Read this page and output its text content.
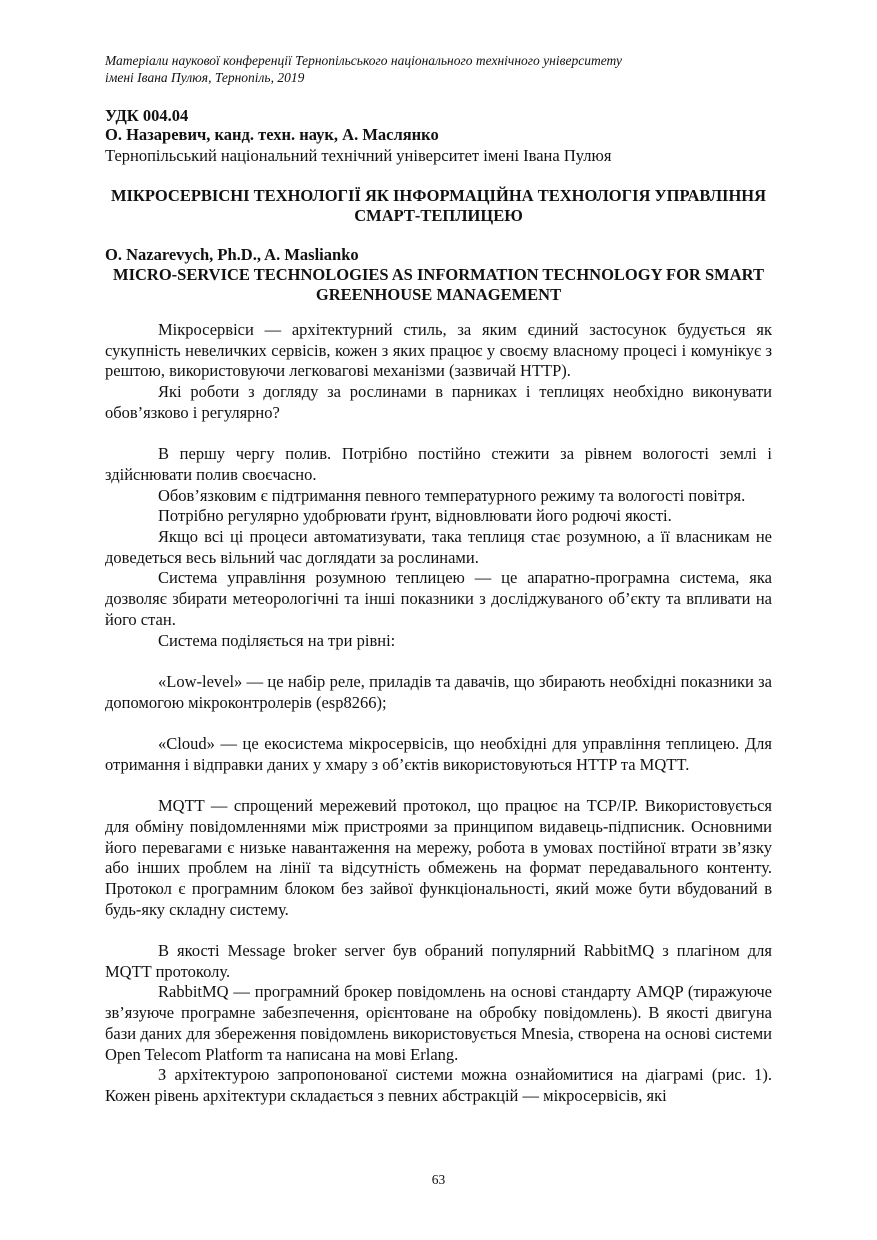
Матеріали наукової конференції Тернопільського національного технічного університету
імені Івана Пулюя, Тернопіль, 2019
УДК 004.04
О. Назаревич, канд. техн. наук, А. Маслянко
Тернопільський національний технічний університет імені Івана Пулюя
МІКРОСЕРВІСНІ ТЕХНОЛОГІЇ ЯК ІНФОРМАЦІЙНА ТЕХНОЛОГІЯ УПРАВЛІННЯ СМАРТ-ТЕПЛИЦЕЮ
O. Nazarevych, Ph.D., A. Maslianko
MICRO-SERVICE TECHNOLOGIES AS INFORMATION TECHNOLOGY FOR SMART GREENHOUSE MANAGEMENT

Мікросервіси — архітектурний стиль, за яким єдиний застосунок будується як сукупність невеличких сервісів, кожен з яких працює у своєму власному процесі і комунікує з рештою, використовуючи легковагові механізми (зазвичай HTTP).

Які роботи з догляду за рослинами в парниках і теплицях необхідно виконувати обов’язково і регулярно?

В першу чергу полив. Потрібно постійно стежити за рівнем вологості землі і здійснювати полив своєчасно.

Обов’язковим є підтримання певного температурного режиму та вологості повітря.

Потрібно регулярно удобрювати ґрунт, відновлювати його родючі якості.

Якщо всі ці процеси автоматизувати, така теплиця стає розумною, а її власникам не доведеться весь вільний час доглядати за рослинами.

Система управління розумною теплицею — це апаратно-програмна система, яка дозволяє збирати метеорологічні та інші показники з досліджуваного об’єкту та впливати на його стан.

Система поділяється на три рівні:

«Low-level» — це набір реле, приладів та давачів, що збирають необхідні показники за допомогою мікроконтролерів (esp8266);

«Cloud» — це екосистема мікросервісів, що необхідні для управління теплицею. Для отримання і відправки даних у хмару з об’єктів використовуються HTTP та MQTT.

MQTT — спрощений мережевий протокол, що працює на TCP/IP. Використовується для обміну повідомленнями між пристроями за принципом видавець-підписник. Основними його перевагами є низьке навантаження на мережу, робота в умовах постійної втрати зв’язку або інших проблем на лінії та відсутність обмежень на формат передавального контенту. Протокол є програмним блоком без зайвої функціональності, який може бути вбудований в будь-яку складну систему.

В якості Message broker server був обраний популярний RabbitMQ з плагіном для MQTT протоколу.

RabbitMQ — програмний брокер повідомлень на основі стандарту AMQP (тиражуюче зв’язуюче програмне забезпечення, орієнтоване на обробку повідомлень). В якості двигуна бази даних для збереження повідомлень використовується Mnesia, створена на основі системи Open Telecom Platform та написана на мові Erlang.

З архітектурою запропонованої системи можна ознайомитися на діаграмі (рис. 1). Кожен рівень архітектури складається з певних абстракцій — мікросервісів, які

63
